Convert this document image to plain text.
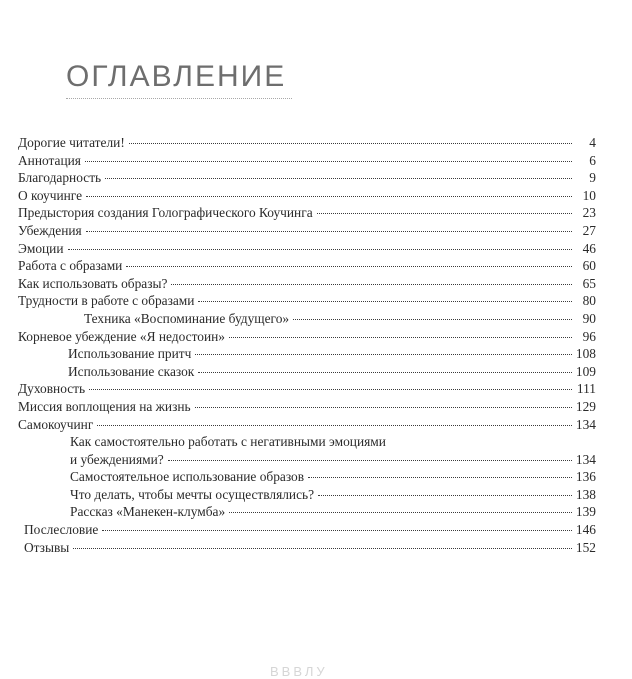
ОГЛАВЛЕНИЕ
Дорогие читатели!	4
Аннотация	6
Благодарность	9
О коучинге	10
Предыстория создания Голографического Коучинга	23
Убеждения	27
Эмоции	46
Работа с образами	60
Как использовать образы?	65
Трудности в работе с образами	80
Техника «Воспоминание будущего»	90
Корневое убеждение «Я недостоин»	96
Использование притч	108
Использование сказок	109
Духовность	111
Миссия воплощения на жизнь	129
Самокоучинг	134
Как самостоятельно работать с негативными эмоциями
и убеждениями?	134
Самостоятельное использование образов	136
Что делать, чтобы мечты осуществлялись?	138
Рассказ «Манекен-клумба»	139
Послесловие	146
Отзывы	152
ВВВЛУ
